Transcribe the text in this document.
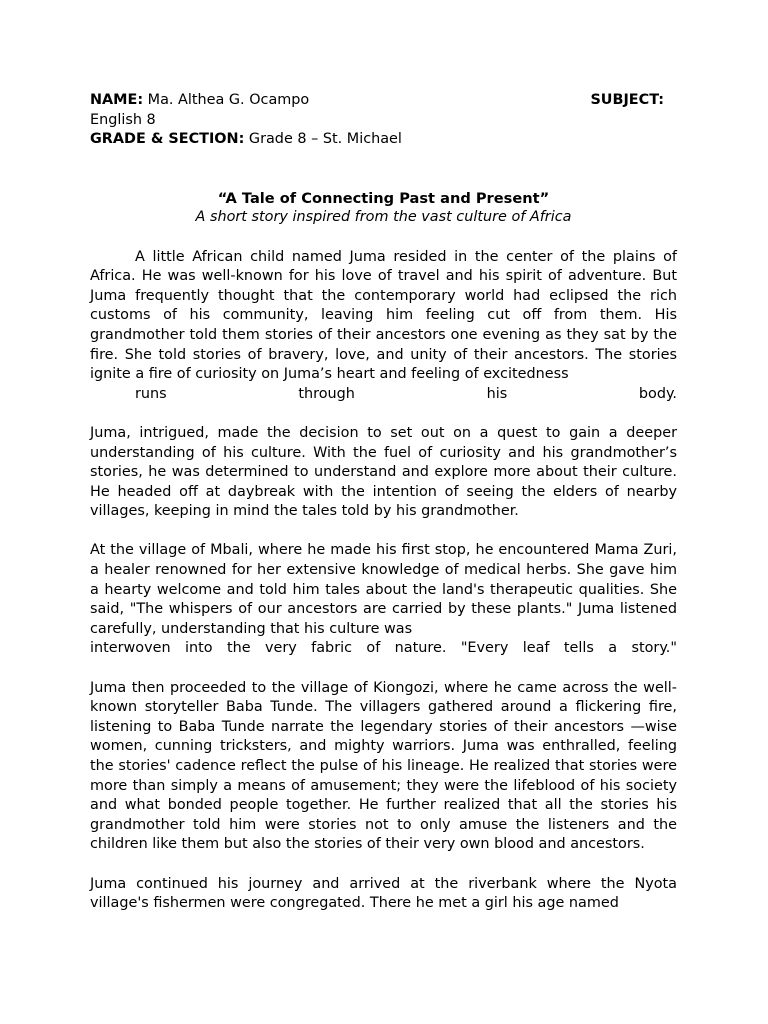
NAME: Ma. Althea G. Ocampo	SUBJECT:
English 8
GRADE & SECTION: Grade 8 – St. Michael
“A Tale of Connecting Past and Present”
A short story inspired from the vast culture of Africa
A little African child named Juma resided in the center of the plains of Africa. He was well-known for his love of travel and his spirit of adventure. But Juma frequently thought that the contemporary world had eclipsed the rich customs of his community, leaving him feeling cut off from them. His grandmother told them stories of their ancestors one evening as they sat by the fire. She told stories of bravery, love, and unity of their ancestors. The stories ignite a fire of curiosity on Juma’s heart and feeling of excitedness
runs through his body.
Juma, intrigued, made the decision to set out on a quest to gain a deeper understanding of his culture. With the fuel of curiosity and his grandmother’s stories, he was determined to understand and explore more about their culture. He headed off at daybreak with the intention of seeing the elders of nearby villages, keeping in mind the tales told by his grandmother.
At the village of Mbali, where he made his first stop, he encountered Mama Zuri, a healer renowned for her extensive knowledge of medical herbs. She gave him a hearty welcome and told him tales about the land's therapeutic qualities. She said, "The whispers of our ancestors are carried by these plants." Juma listened carefully, understanding that his culture was
interwoven into the very fabric of nature. "Every leaf tells a story."
Juma then proceeded to the village of Kiongozi, where he came across the well-known storyteller Baba Tunde. The villagers gathered around a flickering fire, listening to Baba Tunde narrate the legendary stories of their ancestors —wise women, cunning tricksters, and mighty warriors. Juma was enthralled, feeling the stories' cadence reflect the pulse of his lineage. He realized that stories were more than simply a means of amusement; they were the lifeblood of his society and what bonded people together. He further realized that all the stories his grandmother told him were stories not to only amuse the listeners and the children like them but also the stories of their very own blood and ancestors.
Juma continued his journey and arrived at the riverbank where the Nyota village's fishermen were congregated. There he met a girl his age named
